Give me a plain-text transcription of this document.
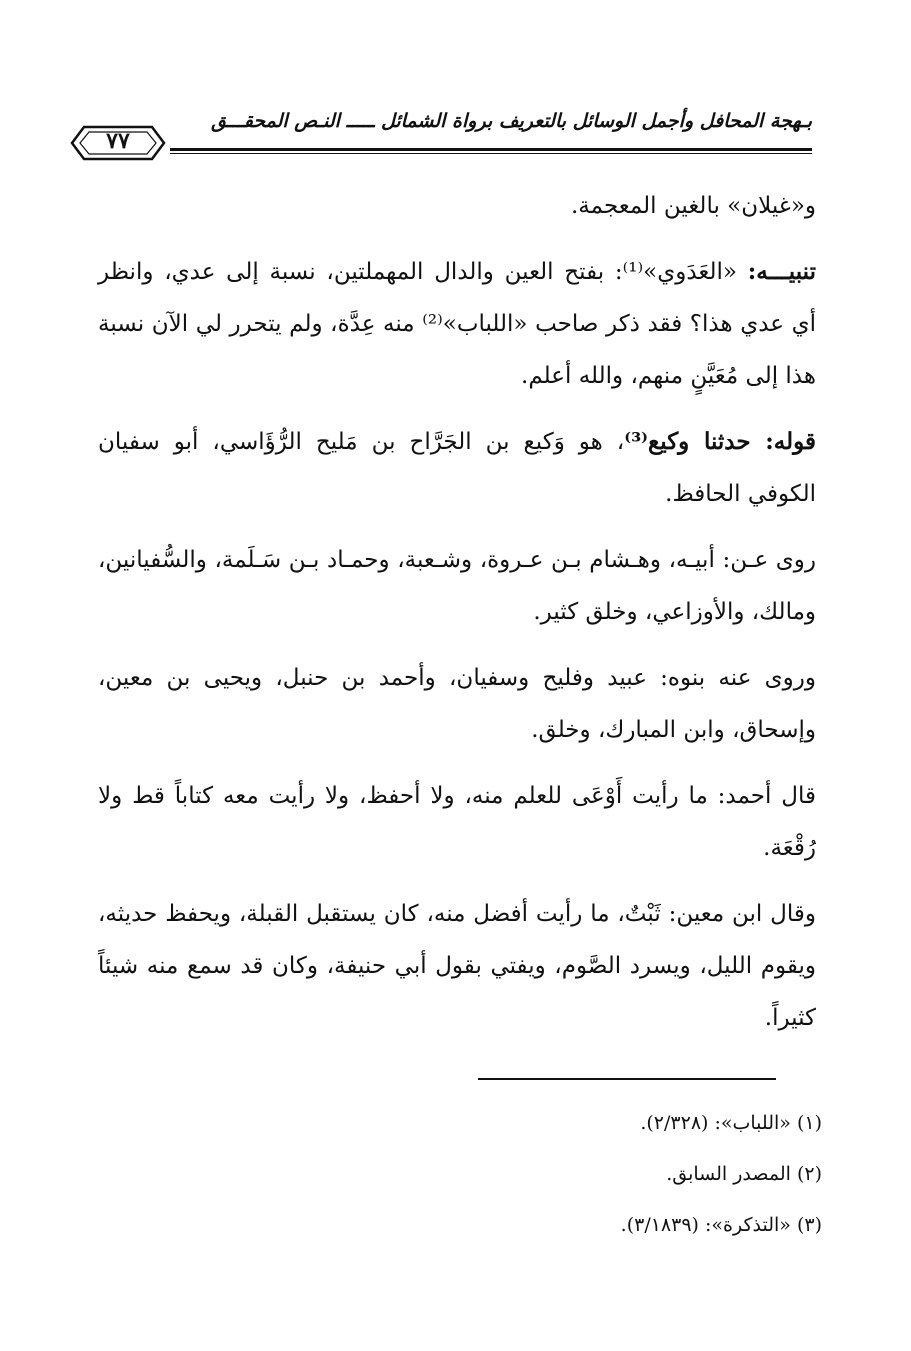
بـهجة المحافل وأجمل الوسائل بالتعريف برواة الشمائل ـــــ النـص المحقـــق
٧٧

و«غيلان» بالغين المعجمة.

تنبيـــه: «العَدَوي»⁽¹⁾: بفتح العين والدال المهملتين، نسبة إلى عدي، وانظر أي عدي هذا؟ فقد ذكر صاحب «اللباب»⁽²⁾ منه عِدَّة، ولم يتحرر لي الآن نسبة هذا إلى مُعَيَّنٍ منهم، والله أعلم.

قوله: حدثنا وكيع⁽³⁾، هو وَكيع بن الجَرَّاح بن مَليح الرُّؤَاسي، أبو سفيان الكوفي الحافظ.

روى عـن: أبيـه، وهـشام بـن عـروة، وشـعبة، وحمـاد بـن سَـلَمة، والسُّفيانين، ومالك، والأوزاعي، وخلق كثير.

وروى عنه بنوه: عبيد وفليح وسفيان، وأحمد بن حنبل، ويحيى بن معين، وإسحاق، وابن المبارك، وخلق.

قال أحمد: ما رأيت أَوْعَى للعلم منه، ولا أحفظ، ولا رأيت معه كتاباً قط ولا رُقْعَة.

وقال ابن معين: ثَبْتٌ، ما رأيت أفضل منه، كان يستقبل القبلة، ويحفظ حديثه، ويقوم الليل، ويسرد الصَّوم، ويفتي بقول أبي حنيفة، وكان قد سمع منه شيئاً كثيراً.

(١) «اللباب»: (٢/٣٢٨).
(٢) المصدر السابق.
(٣) «التذكرة»: (٣/١٨٣٩).
